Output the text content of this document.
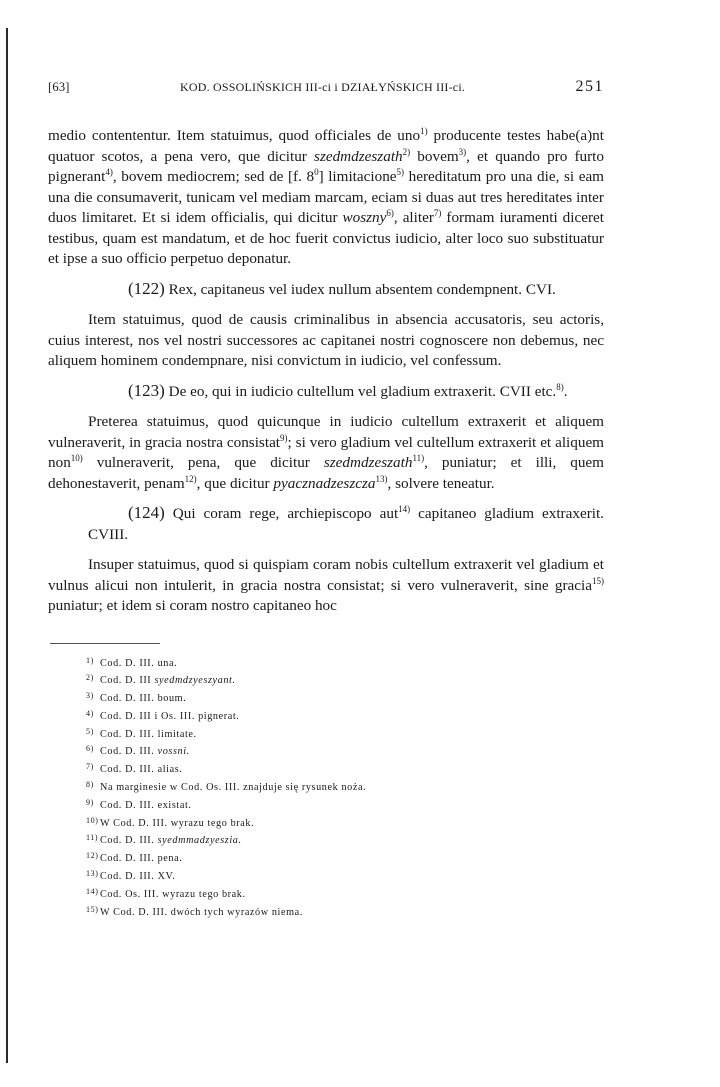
[63]	KOD. OSSOLIŃSKICH III-ci i DZIAŁYŃSKICH III-ci.	251

medio contententur. Item statuimus, quod officiales de uno$^{1)}$ producente testes habe(a)nt quatuor scotos, a pena vero, que dicitur szedmdzeszath$^{2)}$ bovem$^{3)}$, et quando pro furto pignerant$^{4)}$, bovem mediocrem; sed de [f. $8^0$] limitacione$^{5)}$ hereditatum pro una die, si eam una die consumaverit, tunicam vel mediam marcam, eciam si duas aut tres hereditates inter duos limitaret. Et si idem officialis, qui dicitur woszny$^{6)}$, aliter$^{7)}$ formam iuramenti diceret testibus, quam est mandatum, et de hoc fuerit convictus iudicio, alter loco suo substituatur et ipse a suo officio perpetuo deponatur.

(122) Rex, capitaneus vel iudex nullum absentem condempnent. CVI.

Item statuimus, quod de causis criminalibus in absencia accusatoris, seu actoris, cuius interest, nos vel nostri successores ac capitanei nostri cognoscere non debemus, nec aliquem hominem condempnare, nisi convictum in iudicio, vel confessum.

(123) De eo, qui in iudicio cultellum vel gladium extraxerit. CVII etc.$^{8)}$.

Preterea statuimus, quod quicunque in iudicio cultellum extraxerit et aliquem vulneraverit, in gracia nostra consistat$^{9)}$; si vero gladium vel cultellum extraxerit et aliquem non$^{10)}$ vulneraverit, pena, que dicitur szedmdzeszath$^{11)}$, puniatur; et illi, quem dehonestaverit, penam$^{12)}$, que dicitur pyacznadzeszcza$^{13)}$, solvere teneatur.

(124) Qui coram rege, archiepiscopo aut$^{14)}$ capitaneo gladium extraxerit. CVIII.

Insuper statuimus, quod si quispiam coram nobis cultellum extraxerit vel gladium et vulnus alicui non intulerit, in gracia nostra consistat; si vero vulneraverit, sine gracia$^{15)}$ puniatur; et idem si coram nostro capitaneo hoc

1) Cod. D. III. una.
2) Cod. D. III syedmdzyeszyant.
3) Cod. D. III. boum.
4) Cod. D. III i Os. III. pignerat.
5) Cod. D. III. limitate.
6) Cod. D. III. vossni.
7) Cod. D. III. alias.
8) Na marginesie w Cod. Os. III. znajduje się rysunek noża.
9) Cod. D. III. existat.
10) W Cod. D. III. wyrazu tego brak.
11) Cod. D. III. syedmmadzyeszia.
12) Cod. D. III. pena.
13) Cod. D. III. XV.
14) Cod. Os. III. wyrazu tego brak.
15) W Cod. D. III. dwóch tych wyrazów niema.
